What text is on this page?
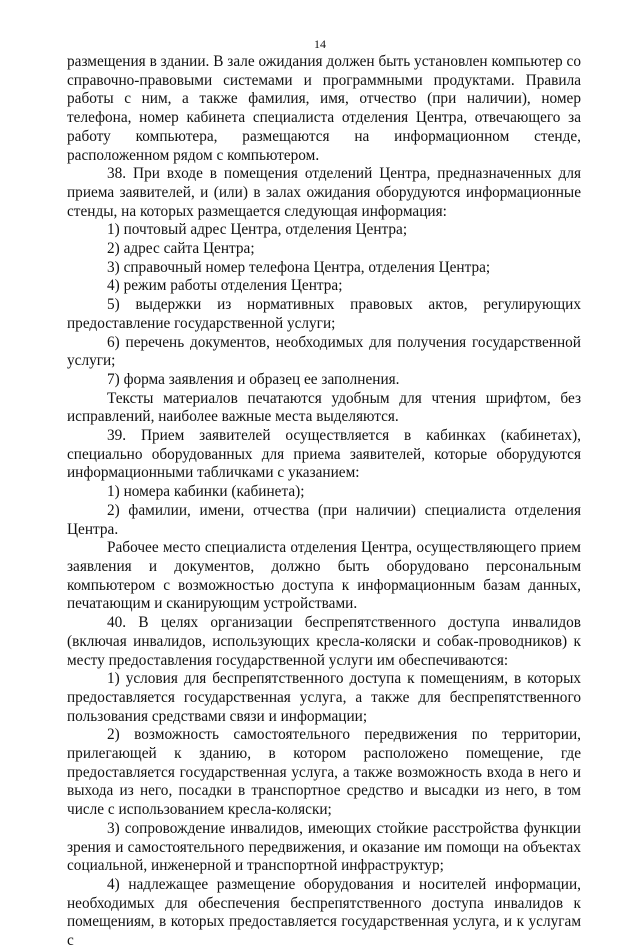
14

размещения в здании. В зале ожидания должен быть установлен компьютер со справочно-правовыми системами и программными продуктами. Правила работы с ним, а также фамилия, имя, отчество (при наличии), номер телефона, номер кабинета специалиста отделения Центра, отвечающего за работу компьютера, размещаются на информационном стенде, расположенном рядом с компьютером.

38. При входе в помещения отделений Центра, предназначенных для приема заявителей, и (или) в залах ожидания оборудуются информационные стенды, на которых размещается следующая информация:

1) почтовый адрес Центра, отделения Центра;

2) адрес сайта Центра;

3) справочный номер телефона Центра, отделения Центра;

4) режим работы отделения Центра;

5) выдержки из нормативных правовых актов, регулирующих предоставление государственной услуги;

6) перечень документов, необходимых для получения государственной услуги;

7) форма заявления и образец ее заполнения.

Тексты материалов печатаются удобным для чтения шрифтом, без исправлений, наиболее важные места выделяются.

39. Прием заявителей осуществляется в кабинках (кабинетах), специально оборудованных для приема заявителей, которые оборудуются информационными табличками с указанием:

1) номера кабинки (кабинета);

2) фамилии, имени, отчества (при наличии) специалиста отделения Центра.

Рабочее место специалиста отделения Центра, осуществляющего прием заявления и документов, должно быть оборудовано персональным компьютером с возможностью доступа к информационным базам данных, печатающим и сканирующим устройствами.

40. В целях организации беспрепятственного доступа инвалидов (включая инвалидов, использующих кресла-коляски и собак-проводников) к месту предоставления государственной услуги им обеспечиваются:

1) условия для беспрепятственного доступа к помещениям, в которых предоставляется государственная услуга, а также для беспрепятственного пользования средствами связи и информации;

2) возможность самостоятельного передвижения по территории, прилегающей к зданию, в котором расположено помещение, где предоставляется государственная услуга, а также возможность входа в него и выхода из него, посадки в транспортное средство и высадки из него, в том числе с использованием кресла-коляски;

3) сопровождение инвалидов, имеющих стойкие расстройства функции зрения и самостоятельного передвижения, и оказание им помощи на объектах социальной, инженерной и транспортной инфраструктур;

4) надлежащее размещение оборудования и носителей информации, необходимых для обеспечения беспрепятственного доступа инвалидов к помещениям, в которых предоставляется государственная услуга, и к услугам с
